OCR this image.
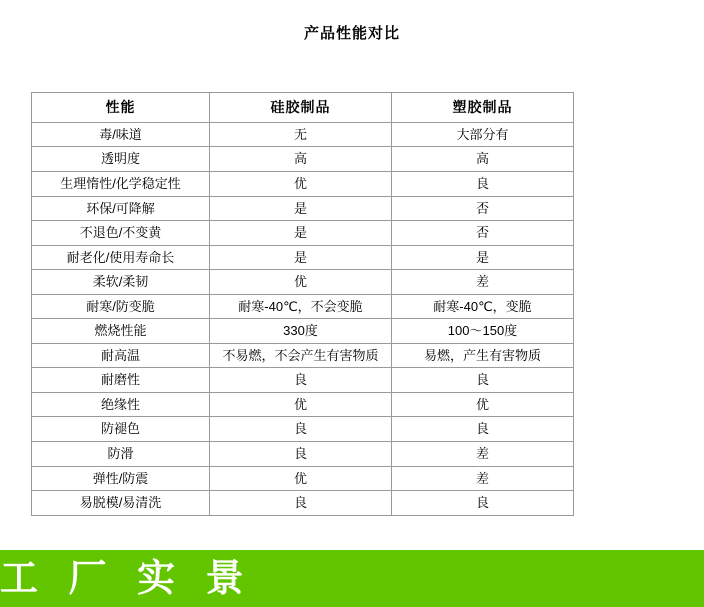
产品性能对比
性能	硅胶制品	塑胶制品
毒/味道	无	大部分有
透明度	高	高
生理惰性/化学稳定性	优	良
环保/可降解	是	否
不退色/不变黄	是	否
耐老化/使用寿命长	是	是
柔软/柔韧	优	差
耐寒/防变脆	耐寒-40℃，不会变脆	耐寒-40℃，变脆
燃烧性能	330度	100～150度
耐高温	不易燃，不会产生有害物质	易燃，产生有害物质
耐磨性	良	良
绝缘性	优	优
防褪色	良	良
防滑	良	差
弹性/防震	优	差
易脱模/易清洗	良	良
工 厂 实 景
